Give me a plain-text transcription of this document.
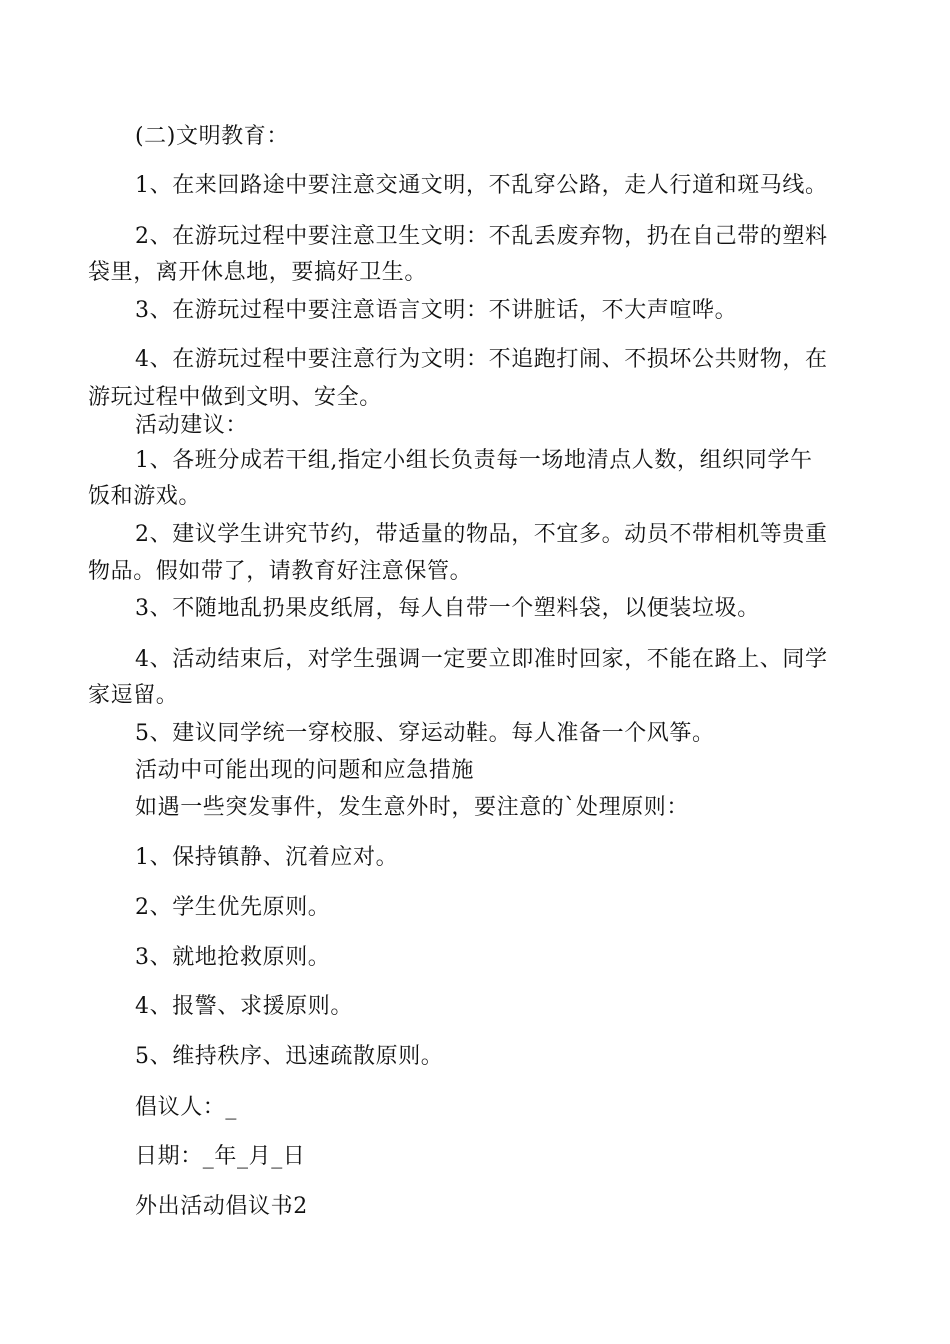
(二)文明教育：
1、在来回路途中要注意交通文明，不乱穿公路，走人行道和斑马线。
2、在游玩过程中要注意卫生文明：不乱丢废弃物，扔在自己带的塑料
袋里，离开休息地，要搞好卫生。
3、在游玩过程中要注意语言文明：不讲脏话，不大声喧哗。
4、在游玩过程中要注意行为文明：不追跑打闹、不损坏公共财物，在
游玩过程中做到文明、安全。
活动建议：
1、各班分成若干组,指定小组长负责每一场地清点人数，组织同学午
饭和游戏。
2、建议学生讲究节约，带适量的物品，不宜多。动员不带相机等贵重
物品。假如带了，请教育好注意保管。
3、不随地乱扔果皮纸屑，每人自带一个塑料袋，以便装垃圾。
4、活动结束后，对学生强调一定要立即准时回家，不能在路上、同学
家逗留。
5、建议同学统一穿校服、穿运动鞋。每人准备一个风筝。
活动中可能出现的问题和应急措施
如遇一些突发事件，发生意外时，要注意的`处理原则：
1、保持镇静、沉着应对。
2、学生优先原则。
3、就地抢救原则。
4、报警、求援原则。
5、维持秩序、迅速疏散原则。
倡议人：_
日期：_年_月_日
外出活动倡议书2
